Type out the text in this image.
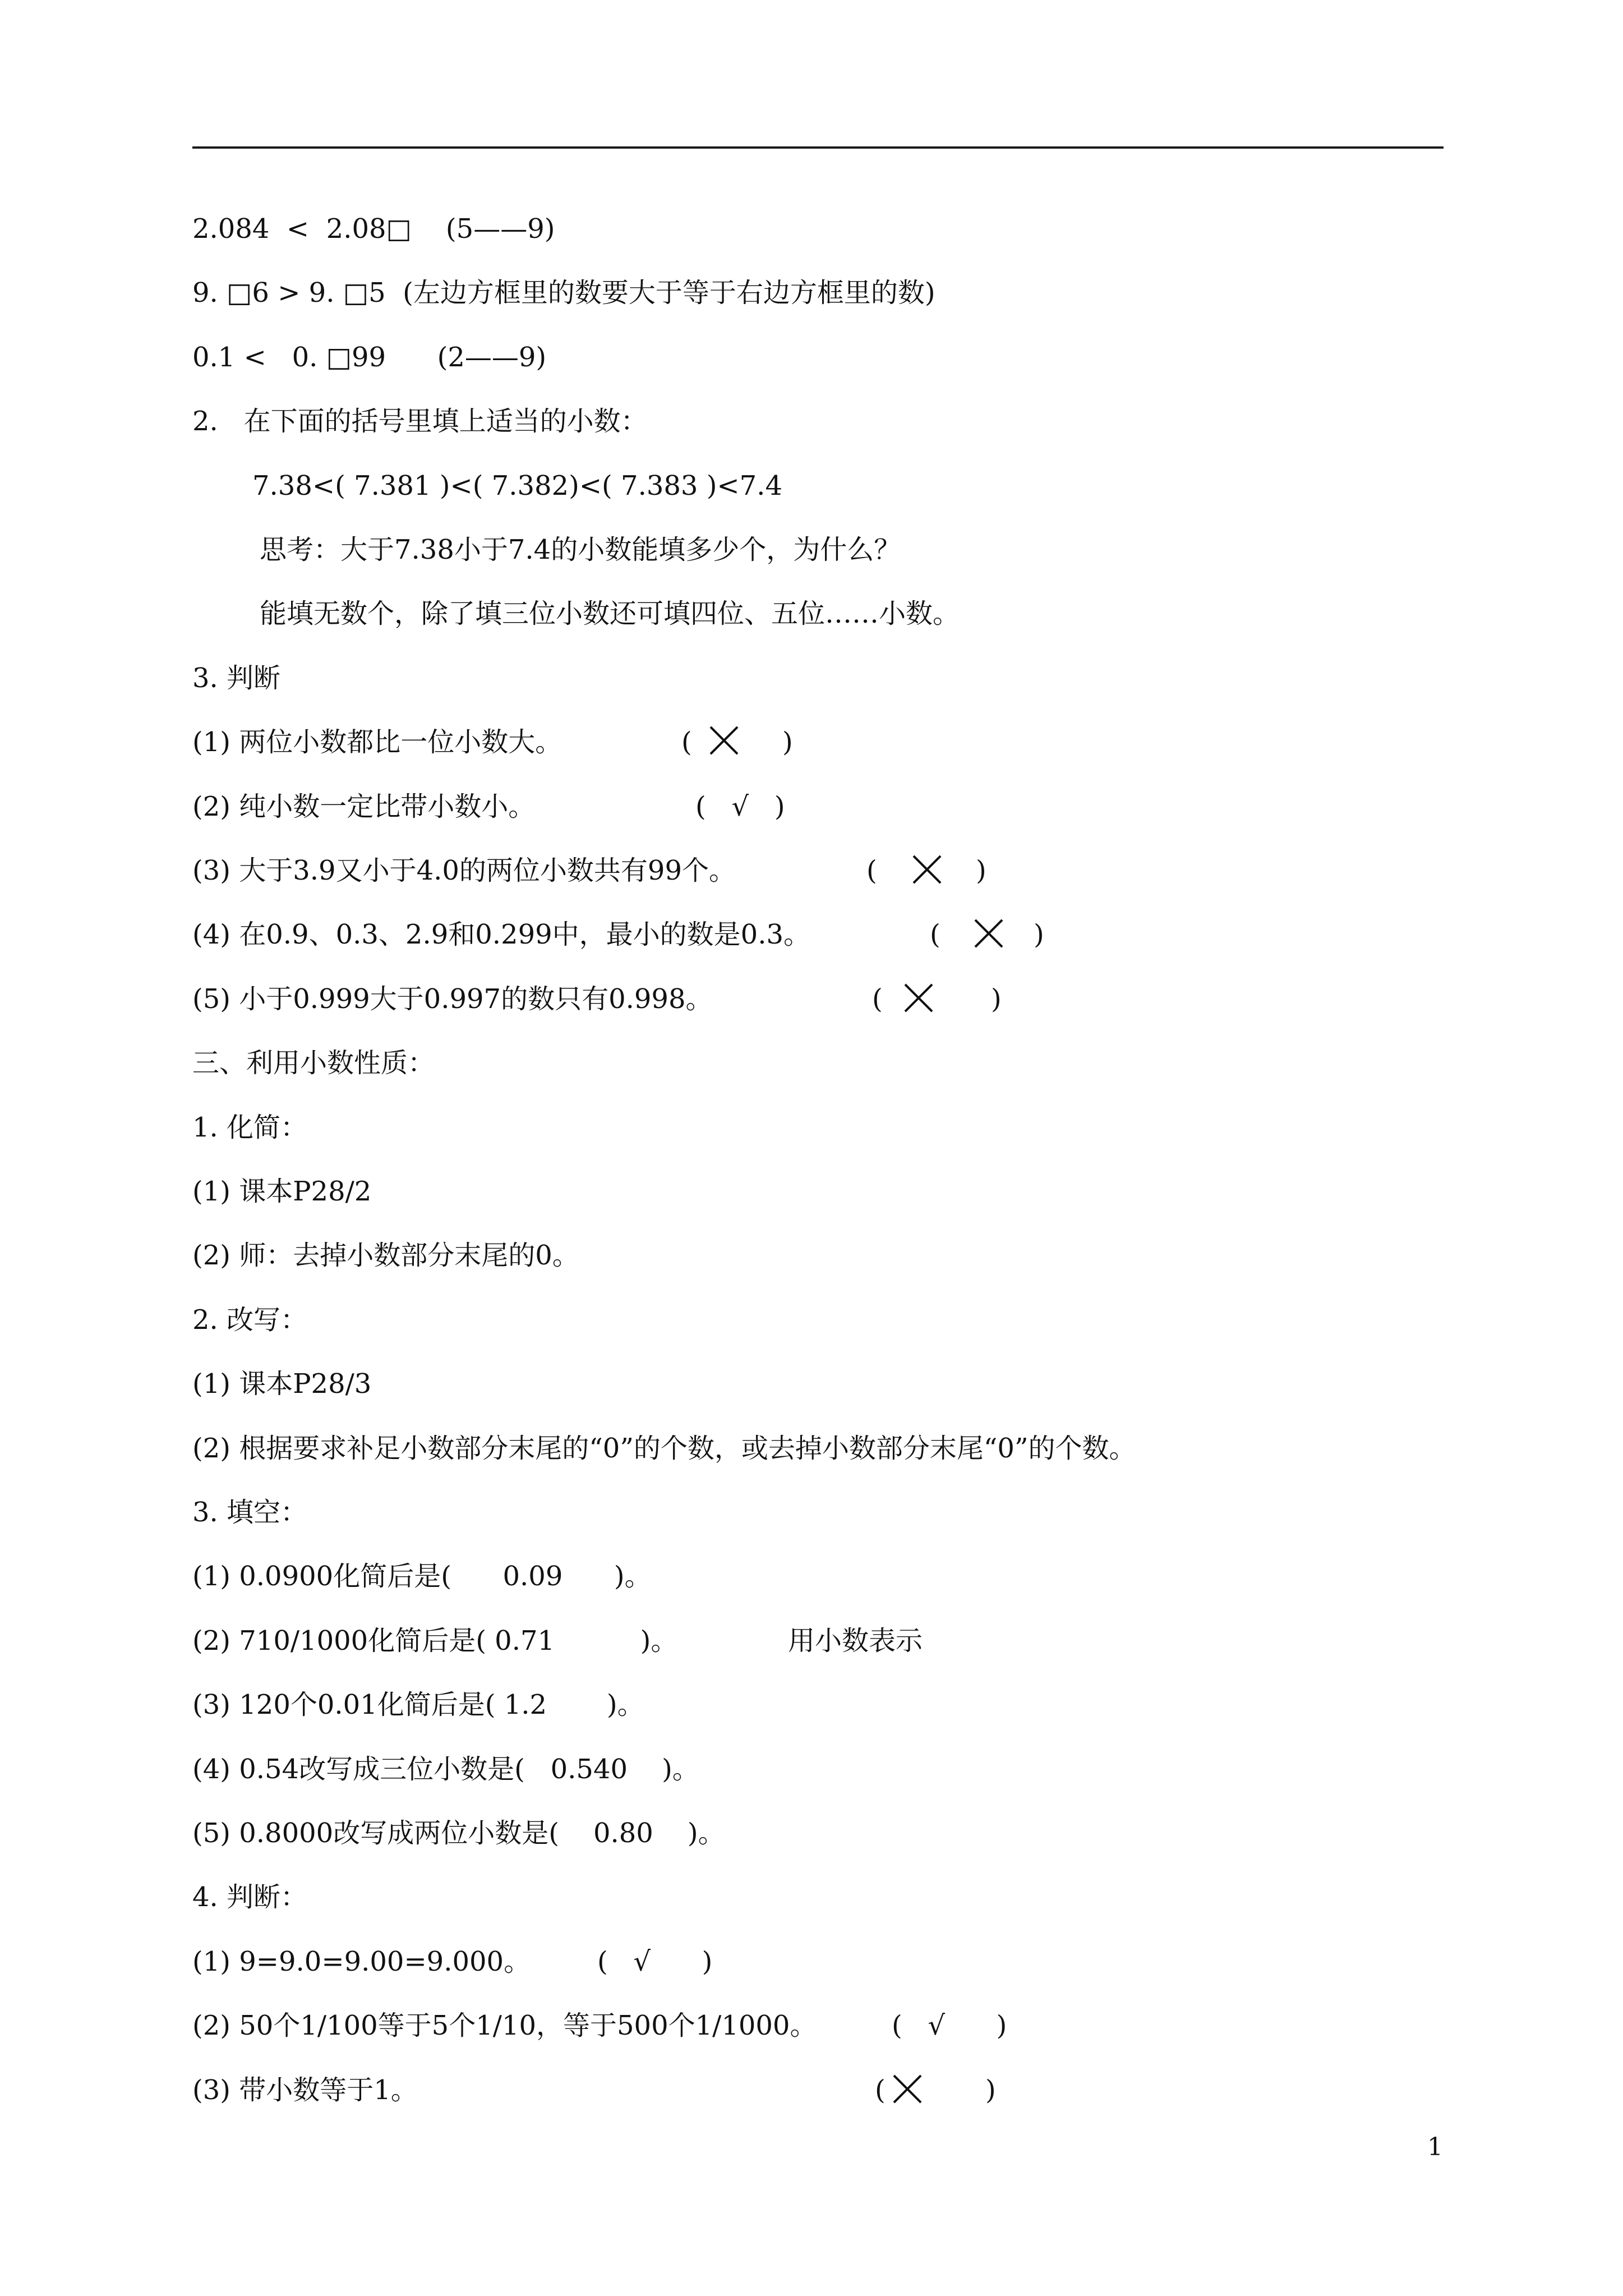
2.084  <  2.08□    (5——9)
9. □6 > 9. □5  (左边方框里的数要大于等于右边方框里的数)
0.1 <   0. □99      (2——9)
2.   在下面的括号里填上适当的小数：
7.38<( 7.381 )<( 7.382)<( 7.383 )<7.4
思考：大于7.38小于7.4的小数能填多少个，为什么？
能填无数个，除了填三位小数还可填四位、五位……小数。
3. 判断
(1) 两位小数都比一位小数大。	(	)
(2) 纯小数一定比带小数小。	(   √   )
(3) 大于3.9又小于4.0的两位小数共有99个。	(	)
(4) 在0.9、0.3、2.9和0.299中，最小的数是0.3。	(	)
(5) 小于0.999大于0.997的数只有0.998。	(	)
三、利用小数性质：
1. 化简：
(1) 课本P28/2
(2) 师：去掉小数部分末尾的0。
2. 改写：
(1) 课本P28/3
(2) 根据要求补足小数部分末尾的“0”的个数，或去掉小数部分末尾“0”的个数。
3. 填空：
(1) 0.0900化简后是(      0.09      )。
(2) 710/1000化简后是( 0.71          )。	用小数表示
(3) 120个0.01化简后是( 1.2       )。
(4) 0.54改写成三位小数是(   0.540    )。
(5) 0.8000改写成两位小数是(    0.80    )。
4. 判断：
(1) 9=9.0=9.00=9.000。 (   √      )
(2) 50个1/100等于5个1/10，等于500个1/1000。	(   √      )
(3) 带小数等于1。	(	)
1
